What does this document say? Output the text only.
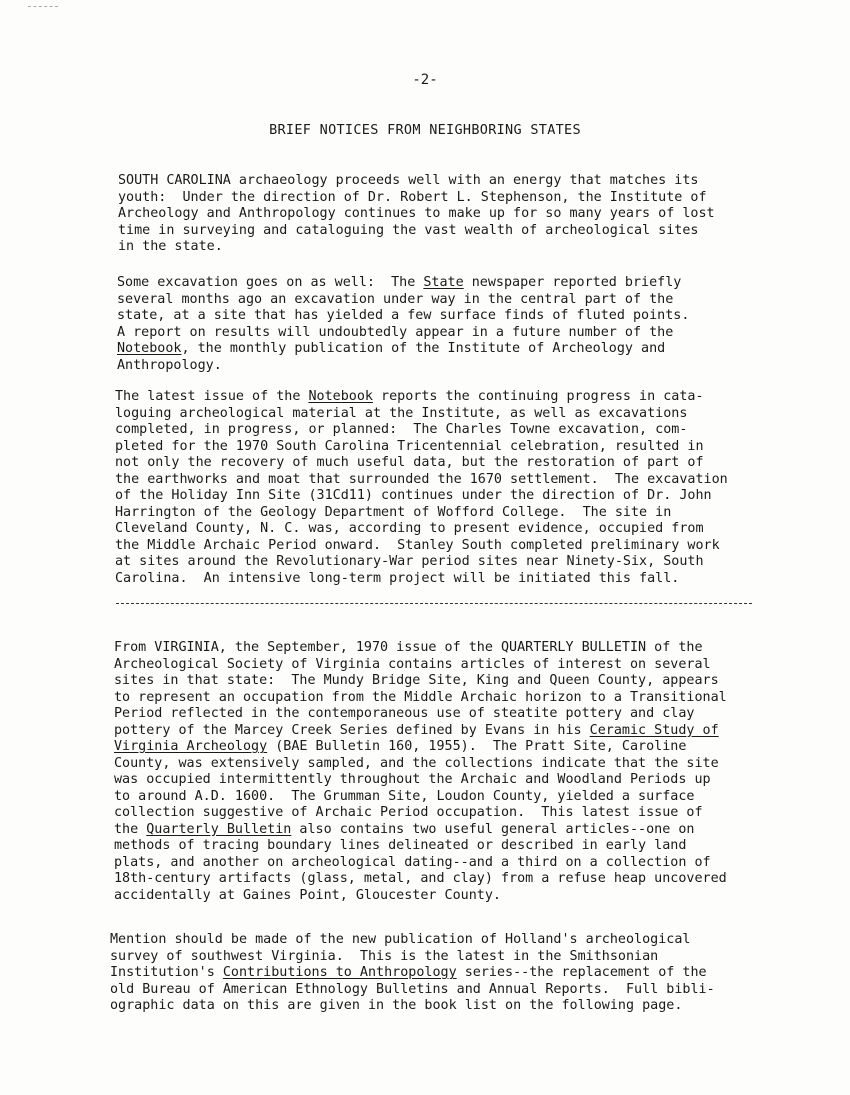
-2-
BRIEF NOTICES FROM NEIGHBORING STATES
SOUTH CAROLINA archaeology proceeds well with an energy that matches its
youth:  Under the direction of Dr. Robert L. Stephenson, the Institute of
Archeology and Anthropology continues to make up for so many years of lost
time in surveying and cataloguing the vast wealth of archeological sites
in the state.
Some excavation goes on as well:  The State newspaper reported briefly
several months ago an excavation under way in the central part of the
state, at a site that has yielded a few surface finds of fluted points.
A report on results will undoubtedly appear in a future number of the
Notebook, the monthly publication of the Institute of Archeology and
Anthropology.
The latest issue of the Notebook reports the continuing progress in cata-
loguing archeological material at the Institute, as well as excavations
completed, in progress, or planned:  The Charles Towne excavation, com-
pleted for the 1970 South Carolina Tricentennial celebration, resulted in
not only the recovery of much useful data, but the restoration of part of
the earthworks and moat that surrounded the 1670 settlement.  The excavation
of the Holiday Inn Site (31Cd11) continues under the direction of Dr. John
Harrington of the Geology Department of Wofford College.  The site in
Cleveland County, N. C. was, according to present evidence, occupied from
the Middle Archaic Period onward.  Stanley South completed preliminary work
at sites around the Revolutionary-War period sites near Ninety-Six, South
Carolina.  An intensive long-term project will be initiated this fall.
From VIRGINIA, the September, 1970 issue of the QUARTERLY BULLETIN of the
Archeological Society of Virginia contains articles of interest on several
sites in that state:  The Mundy Bridge Site, King and Queen County, appears
to represent an occupation from the Middle Archaic horizon to a Transitional
Period reflected in the contemporaneous use of steatite pottery and clay
pottery of the Marcey Creek Series defined by Evans in his Ceramic Study of
Virginia Archeology (BAE Bulletin 160, 1955).  The Pratt Site, Caroline
County, was extensively sampled, and the collections indicate that the site
was occupied intermittently throughout the Archaic and Woodland Periods up
to around A.D. 1600.  The Grumman Site, Loudon County, yielded a surface
collection suggestive of Archaic Period occupation.  This latest issue of
the Quarterly Bulletin also contains two useful general articles--one on
methods of tracing boundary lines delineated or described in early land
plats, and another on archeological dating--and a third on a collection of
18th-century artifacts (glass, metal, and clay) from a refuse heap uncovered
accidentally at Gaines Point, Gloucester County.
Mention should be made of the new publication of Holland's archeological
survey of southwest Virginia.  This is the latest in the Smithsonian
Institution's Contributions to Anthropology series--the replacement of the
old Bureau of American Ethnology Bulletins and Annual Reports.  Full bibli-
ographic data on this are given in the book list on the following page.
